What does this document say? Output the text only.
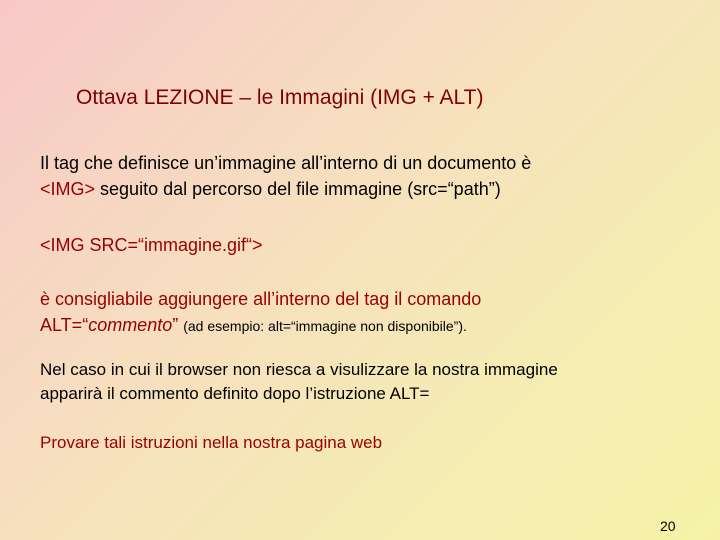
Ottava LEZIONE – le Immagini (IMG + ALT)
Il tag che definisce un’immagine all’interno di un documento è
<IMG> seguito dal percorso del file immagine (src=“path”)
<IMG SRC=“immagine.gif“>
è consigliabile aggiungere all’interno del tag il comando
ALT=“commento” (ad esempio: alt=“immagine non disponibile”).
Nel caso in cui il browser non riesca a visulizzare la nostra immagine
apparirà il commento definito dopo l’istruzione ALT=
Provare tali istruzioni nella nostra pagina web
20
